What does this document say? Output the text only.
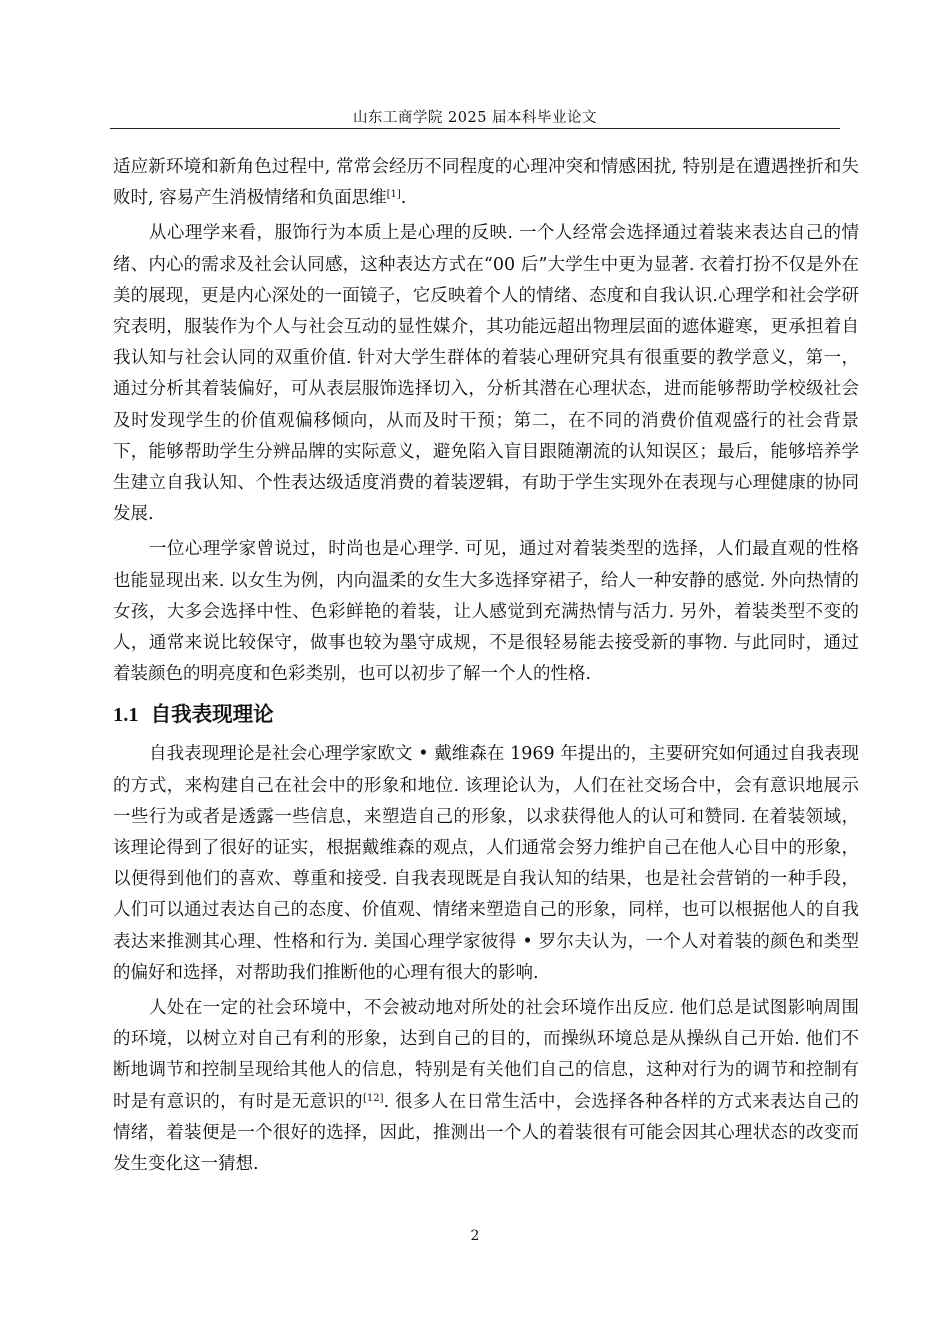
山东工商学院 2025 届本科毕业论文

适应新环境和新角色过程中, 常常会经历不同程度的心理冲突和情感困扰, 特别是在遭遇挫折和失败时, 容易产生消极情绪和负面思维[1].

从心理学来看，服饰行为本质上是心理的反映. 一个人经常会选择通过着装来表达自己的情绪、内心的需求及社会认同感，这种表达方式在“00 后”大学生中更为显著. 衣着打扮不仅是外在美的展现，更是内心深处的一面镜子，它反映着个人的情绪、态度和自我认识.心理学和社会学研究表明，服装作为个人与社会互动的显性媒介，其功能远超出物理层面的遮体避寒，更承担着自我认知与社会认同的双重价值. 针对大学生群体的着装心理研究具有很重要的教学意义，第一，通过分析其着装偏好，可从表层服饰选择切入，分析其潜在心理状态，进而能够帮助学校级社会及时发现学生的价值观偏移倾向，从而及时干预；第二，在不同的消费价值观盛行的社会背景下，能够帮助学生分辨品牌的实际意义，避免陷入盲目跟随潮流的认知误区；最后，能够培养学生建立自我认知、个性表达级适度消费的着装逻辑，有助于学生实现外在表现与心理健康的协同发展.

一位心理学家曾说过，时尚也是心理学. 可见，通过对着装类型的选择，人们最直观的性格也能显现出来. 以女生为例，内向温柔的女生大多选择穿裙子，给人一种安静的感觉. 外向热情的女孩，大多会选择中性、色彩鲜艳的着装，让人感觉到充满热情与活力. 另外，着装类型不变的人，通常来说比较保守，做事也较为墨守成规，不是很轻易能去接受新的事物. 与此同时，通过着装颜色的明亮度和色彩类别，也可以初步了解一个人的性格.

1.1 自我表现理论

自我表现理论是社会心理学家欧文 • 戴维森在 1969 年提出的，主要研究如何通过自我表现的方式，来构建自己在社会中的形象和地位. 该理论认为，人们在社交场合中，会有意识地展示一些行为或者是透露一些信息，来塑造自己的形象，以求获得他人的认可和赞同. 在着装领域，该理论得到了很好的证实，根据戴维森的观点，人们通常会努力维护自己在他人心目中的形象，以便得到他们的喜欢、尊重和接受. 自我表现既是自我认知的结果，也是社会营销的一种手段，人们可以通过表达自己的态度、价值观、情绪来塑造自己的形象，同样，也可以根据他人的自我表达来推测其心理、性格和行为. 美国心理学家彼得 • 罗尔夫认为，一个人对着装的颜色和类型的偏好和选择，对帮助我们推断他的心理有很大的影响.

人处在一定的社会环境中，不会被动地对所处的社会环境作出反应. 他们总是试图影响周围的环境，以树立对自己有利的形象，达到自己的目的，而操纵环境总是从操纵自己开始. 他们不断地调节和控制呈现给其他人的信息，特别是有关他们自己的信息，这种对行为的调节和控制有时是有意识的，有时是无意识的[12]. 很多人在日常生活中，会选择各种各样的方式来表达自己的情绪，着装便是一个很好的选择，因此，推测出一个人的着装很有可能会因其心理状态的改变而发生变化这一猜想.

2
